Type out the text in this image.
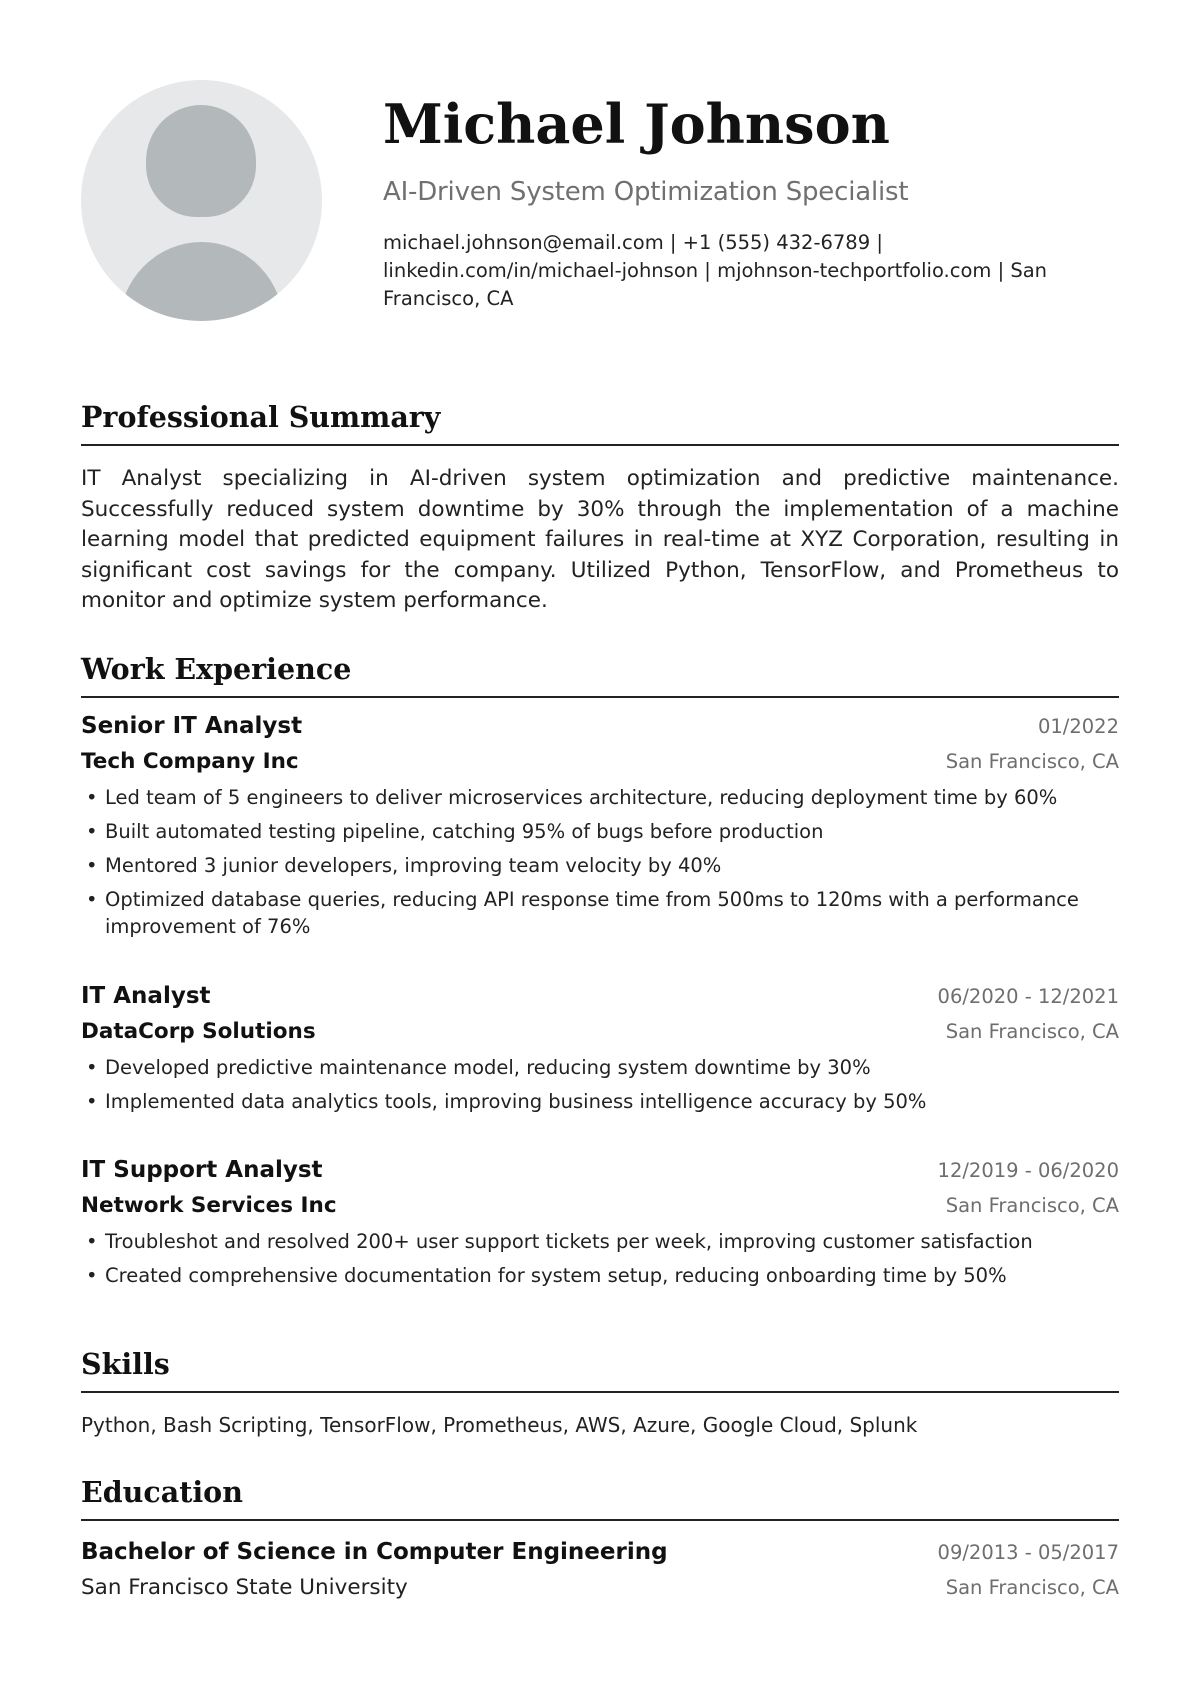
Michael Johnson
AI-Driven System Optimization Specialist
michael.johnson@email.com | +1 (555) 432-6789 | linkedin.com/in/michael-johnson | mjohnson-techportfolio.com | San Francisco, CA
Professional Summary

IT Analyst specializing in AI-driven system optimization and predictive maintenance. Successfully reduced system downtime by 30% through the implementation of a machine learning model that predicted equipment failures in real-time at XYZ Corporation, resulting in significant cost savings for the company. Utilized Python, TensorFlow, and Prometheus to monitor and optimize system performance.

Work Experience
Senior IT Analyst	01/2022
Tech Company Inc	San Francisco, CA
• Led team of 5 engineers to deliver microservices architecture, reducing deployment time by 60%
• Built automated testing pipeline, catching 95% of bugs before production
• Mentored 3 junior developers, improving team velocity by 40%
• Optimized database queries, reducing API response time from 500ms to 120ms with a performance improvement of 76%
IT Analyst	06/2020 - 12/2021
DataCorp Solutions	San Francisco, CA
• Developed predictive maintenance model, reducing system downtime by 30%
• Implemented data analytics tools, improving business intelligence accuracy by 50%
IT Support Analyst	12/2019 - 06/2020
Network Services Inc	San Francisco, CA
• Troubleshot and resolved 200+ user support tickets per week, improving customer satisfaction
• Created comprehensive documentation for system setup, reducing onboarding time by 50%
Skills
Python, Bash Scripting, TensorFlow, Prometheus, AWS, Azure, Google Cloud, Splunk
Education
Bachelor of Science in Computer Engineering	09/2013 - 05/2017
San Francisco State University	San Francisco, CA
